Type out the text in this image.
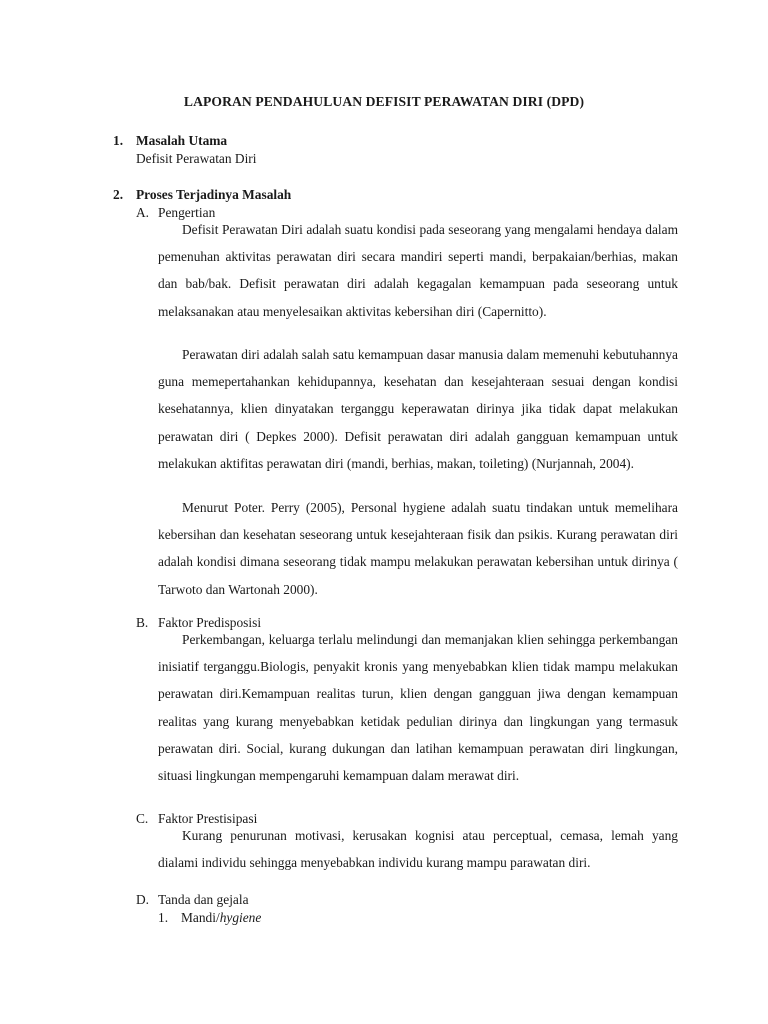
LAPORAN PENDAHULUAN DEFISIT PERAWATAN DIRI (DPD)
1. Masalah Utama
Defisit Perawatan Diri
2. Proses Terjadinya Masalah
A. Pengertian
Defisit Perawatan Diri adalah suatu kondisi pada seseorang yang mengalami hendaya dalam pemenuhan aktivitas perawatan diri secara mandiri seperti mandi, berpakaian/berhias, makan dan bab/bak. Defisit perawatan diri adalah kegagalan kemampuan pada seseorang untuk melaksanakan atau menyelesaikan aktivitas kebersihan diri (Capernitto).
Perawatan diri adalah salah satu kemampuan dasar manusia dalam memenuhi kebutuhannya guna memepertahankan kehidupannya, kesehatan dan kesejahteraan sesuai dengan kondisi kesehatannya, klien dinyatakan terganggu keperawatan dirinya jika tidak dapat melakukan perawatan diri ( Depkes 2000). Defisit perawatan diri adalah gangguan kemampuan untuk melakukan aktifitas perawatan diri (mandi, berhias, makan, toileting) (Nurjannah, 2004).
Menurut Poter. Perry (2005), Personal hygiene adalah suatu tindakan untuk memelihara kebersihan dan kesehatan seseorang untuk kesejahteraan fisik dan psikis. Kurang perawatan diri adalah kondisi dimana seseorang tidak mampu melakukan perawatan kebersihan untuk dirinya ( Tarwoto dan Wartonah 2000).
B. Faktor Predisposisi
Perkembangan, keluarga terlalu melindungi dan memanjakan klien sehingga perkembangan inisiatif terganggu.Biologis, penyakit kronis yang menyebabkan klien tidak mampu melakukan perawatan diri.Kemampuan realitas turun, klien dengan gangguan jiwa dengan kemampuan realitas yang kurang menyebabkan ketidak pedulian dirinya dan lingkungan yang termasuk perawatan diri. Social, kurang dukungan dan latihan kemampuan perawatan diri lingkungan, situasi lingkungan mempengaruhi kemampuan dalam merawat diri.
C. Faktor Prestisipasi
Kurang penurunan motivasi, kerusakan kognisi atau perceptual, cemasa, lemah yang dialami individu sehingga menyebabkan individu kurang mampu parawatan diri.
D. Tanda dan gejala
1. Mandi/hygiene
